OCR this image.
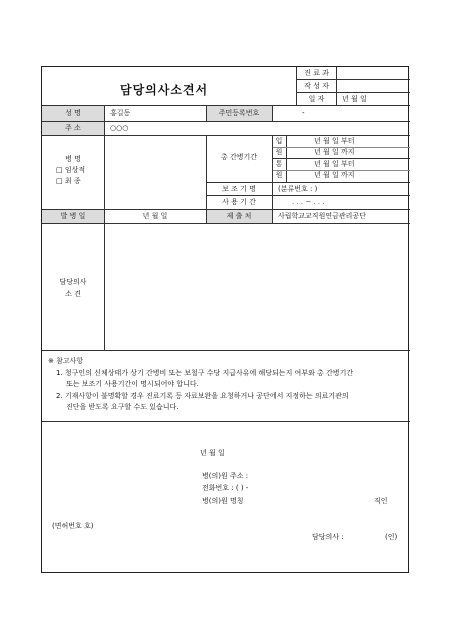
담당의사소견서
진 료 과
작 성 자
일 자	년 월 일
성 명	홍길동	주민등록번호	-
주 소	○○○
병 명
□ 임상적
□ 최 종
총 간병기간
입	년 월 일 부터
원	년 월 일 까지
통	년 월 일 부터
원	년 월 일 까지
보 조 기 명	(분류번호 : )
사 용 기 간	. . . ~ . . .
발 병 일	년 월 일	제 출 처	사립학교교직원연금관리공단
담당의사
소 견
※ 참고사항
1. 청구인의 신체상태가 상기 간병비 또는 보철구 수당 지급사유에 해당되는지 여부와 총 간병기간
또는 보조기 사용기간이 명시되어야 합니다.
2. 기재사항이 불명확할 경우 진료기록 등 자료보완을 요청하거나 공단에서 지정하는 의료기관의
진단을 받도록 요구할 수도 있습니다.
년 월 일
병(의)원 주소 :
전화번호 : ( ) -
병(의)원 명칭	직인
(면허번호 호)
담당의사 :	(인)
